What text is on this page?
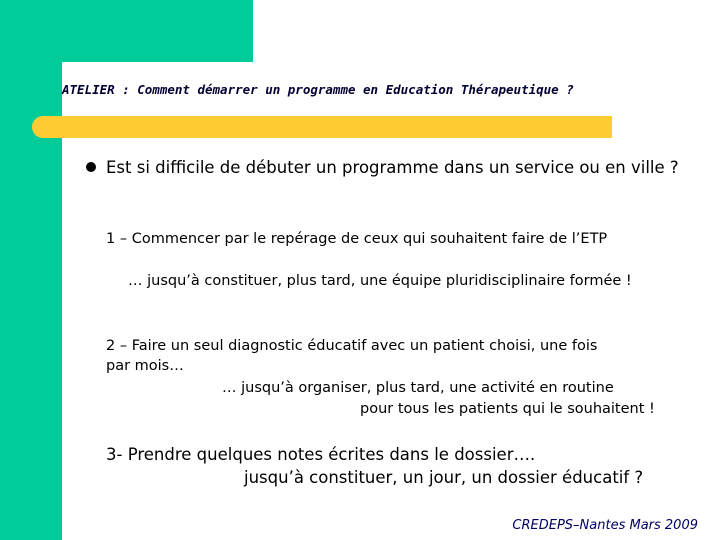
ATELIER : Comment démarrer un programme en Education Thérapeutique ?
Est si difficile de débuter un programme dans un service ou en ville ?
1 – Commencer par le repérage de ceux qui souhaitent faire de l’ETP
… jusqu’à constituer, plus tard, une équipe pluridisciplinaire formée !
2 – Faire un seul diagnostic éducatif avec un patient choisi, une fois
par mois…
… jusqu’à organiser, plus tard, une activité en routine
pour tous les patients qui le souhaitent !
3- Prendre quelques notes écrites dans le dossier….
jusqu’à constituer, un jour, un dossier éducatif ?
CREDEPS–Nantes Mars 2009
